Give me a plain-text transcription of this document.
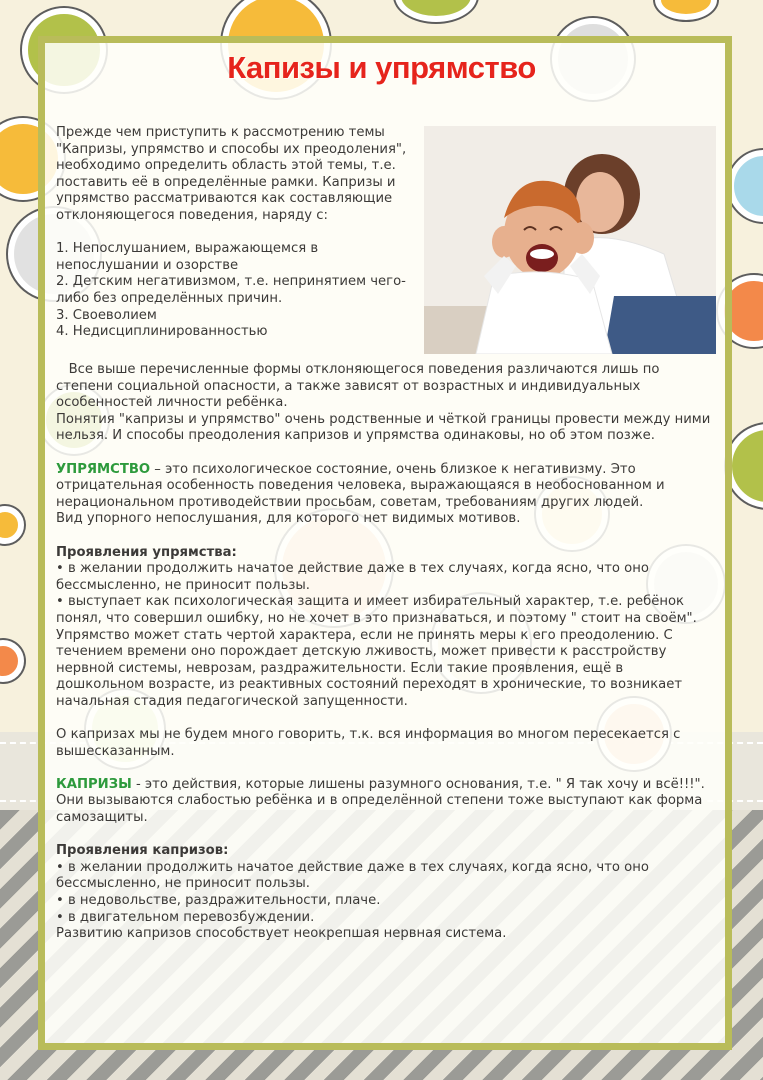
Капизы и упрямство

Прежде чем приступить к рассмотрению темы "Капризы, упрямство и способы их преодоления", необходимо определить область этой темы, т.е. поставить её в определённые рамки. Капризы и упрямство рассматриваются как составляющие отклоняющегося поведения, наряду с:

1. Непослушанием, выражающемся в непослушании и озорстве

2. Детским негативизмом, т.е. непринятием чего-либо без определённых причин.

3. Своеволием

4. Недисциплинированностью

Все выше перечисленные формы отклоняющегося поведения различаются лишь по степени социальной опасности, а также зависят от возрастных и индивидуальных особенностей личности ребёнка.

Понятия "капризы и упрямство" очень родственные и чёткой границы провести между ними нельзя. И способы преодоления капризов и упрямства одинаковы, но об этом позже.

УПРЯМСТВО – это психологическое состояние, очень близкое к негативизму. Это отрицательная особенность поведения человека, выражающаяся в необоснованном и нерациональном противодействии просьбам, советам, требованиям других людей.

Вид упорного непослушания, для которого нет видимых мотивов.

Проявления упрямства:

• в желании продолжить начатое действие даже в тех случаях, когда ясно, что оно бессмысленно, не приносит пользы.

• выступает как психологическая защита и имеет избирательный характер, т.е. ребёнок понял, что совершил ошибку, но не хочет в это признаваться, и поэтому " стоит на своём".

Упрямство может стать чертой характера, если не принять меры к его преодолению. С течением времени оно порождает детскую лживость, может привести к расстройству нервной системы, неврозам, раздражительности. Если такие проявления, ещё в дошкольном возрасте, из реактивных состояний переходят в хронические, то возникает начальная стадия педагогической запущенности.

О капризах мы не будем много говорить, т.к. вся информация во многом пересекается с вышесказанным.

КАПРИЗЫ - это действия, которые лишены разумного основания, т.е. " Я так хочу и всё!!!". Они вызываются слабостью ребёнка и в определённой степени тоже выступают как форма самозащиты.

Проявления капризов:

• в желании продолжить начатое действие даже в тех случаях, когда ясно, что оно бессмысленно, не приносит пользы.

• в недовольстве, раздражительности, плаче.

• в двигательном перевозбуждении.

Развитию капризов способствует неокрепшая нервная система.
